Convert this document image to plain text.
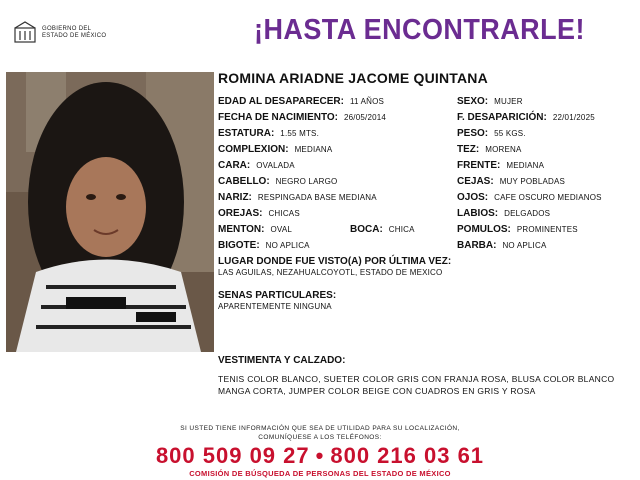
GOBIERNO DEL
ESTADO DE MÉXICO	¡HASTA ENCONTRARLE!
ROMINA ARIADNE JACOME QUINTANA
EDAD AL DESAPARECER: 11 AÑOS
FECHA DE NACIMIENTO: 26/05/2014
ESTATURA: 1.55 MTS.
COMPLEXION: MEDIANA
CARA: OVALADA
CABELLO: NEGRO LARGO
NARIZ: RESPINGADA BASE MEDIANA
OREJAS: CHICAS
MENTON: OVAL	BOCA: CHICA
BIGOTE: NO APLICA
SEXO: MUJER
F. DESAPARICIÓN: 22/01/2025
PESO: 55 KGS.
TEZ: MORENA
FRENTE: MEDIANA
CEJAS: MUY POBLADAS
OJOS: CAFE OSCURO MEDIANOS
LABIOS: DELGADOS
POMULOS: PROMINENTES
BARBA: NO APLICA
LUGAR DONDE FUE VISTO(A) POR ÚLTIMA VEZ:
LAS AGUILAS, NEZAHUALCOYOTL, ESTADO DE MEXICO
SENAS PARTICULARES:
APARENTEMENTE NINGUNA
VESTIMENTA Y CALZADO:
TENIS COLOR BLANCO, SUETER COLOR GRIS CON FRANJA ROSA, BLUSA COLOR BLANCO MANGA CORTA, JUMPER COLOR BEIGE CON CUADROS EN GRIS Y ROSA
SI USTED TIENE INFORMACIÓN QUE SEA DE UTILIDAD PARA SU LOCALIZACIÓN,
COMUNÍQUESE A LOS TELÉFONOS:
800 509 09 27 • 800 216 03 61
COMISIÓN DE BÚSQUEDA DE PERSONAS DEL ESTADO DE MÉXICO
